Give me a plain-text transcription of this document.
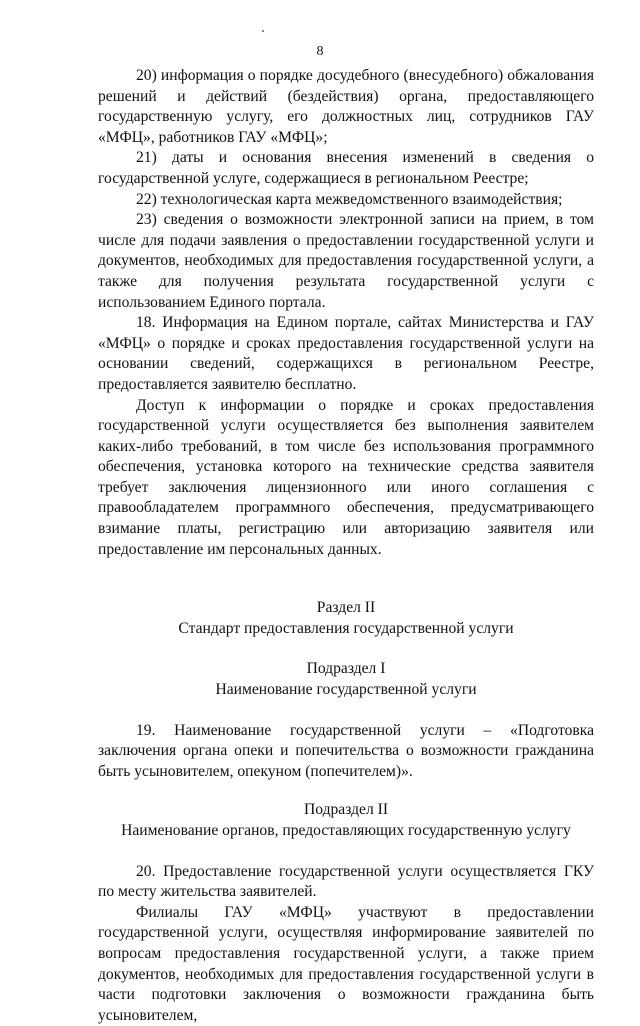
8

20) информация о порядке досудебного (внесудебного) обжалования решений и действий (бездействия) органа, предоставляющего государственную услугу, его должностных лиц, сотрудников ГАУ «МФЦ», работников ГАУ «МФЦ»;

21) даты и основания внесения изменений в сведения о государственной услуге, содержащиеся в региональном Реестре;

22) технологическая карта межведомственного взаимодействия;

23) сведения о возможности электронной записи на прием, в том числе для подачи заявления о предоставлении государственной услуги и документов, необходимых для предоставления государственной услуги, а также для получения результата государственной услуги с использованием Единого портала.

18. Информация на Едином портале, сайтах Министерства и ГАУ «МФЦ» о порядке и сроках предоставления государственной услуги на основании сведений, содержащихся в региональном Реестре, предоставляется заявителю бесплатно.

Доступ к информации о порядке и сроках предоставления государственной услуги осуществляется без выполнения заявителем каких-либо требований, в том числе без использования программного обеспечения, установка которого на технические средства заявителя требует заключения лицензионного или иного соглашения с правообладателем программного обеспечения, предусматривающего взимание платы, регистрацию или авторизацию заявителя или предоставление им персональных данных.

Раздел II

Стандарт предоставления государственной услуги

Подраздел I

Наименование государственной услуги

19. Наименование государственной услуги – «Подготовка заключения органа опеки и попечительства о возможности гражданина быть усыновителем, опекуном (попечителем)».

Подраздел II

Наименование органов, предоставляющих государственную услугу

20. Предоставление государственной услуги осуществляется ГКУ по месту жительства заявителей.

Филиалы ГАУ «МФЦ» участвуют в предоставлении государственной услуги, осуществляя информирование заявителей по вопросам предоставления государственной услуги, а также прием документов, необходимых для предоставления государственной услуги в части подготовки заключения о возможности гражданина быть усыновителем,
